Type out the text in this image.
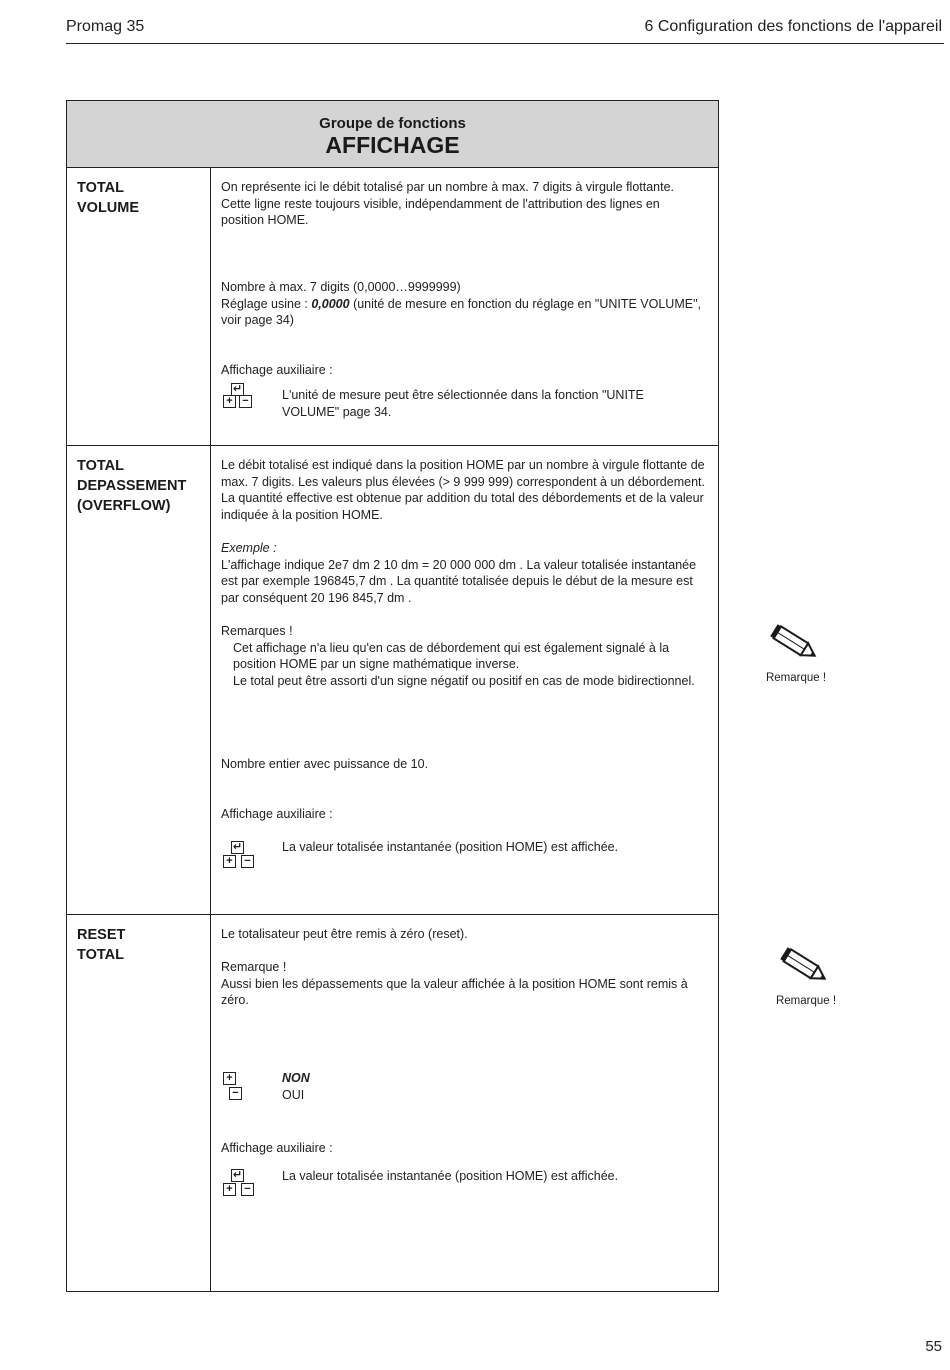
Promag 35	6 Configuration des fonctions de l'appareil
Groupe de fonctions
AFFICHAGE
TOTAL
VOLUME

On représente ici le débit totalisé par un nombre à max. 7 digits à virgule flottante. Cette ligne reste toujours visible, indépendamment de l'attribution des lignes en position HOME.

Nombre à max. 7 digits (0,0000…9999999)

Réglage usine : 0,0000 (unité de mesure en fonction du réglage en "UNITE VOLUME", voir page 34)

Affichage auxiliaire :
↵
+ −	L'unité de mesure peut être sélectionnée dans la fonction "UNITE VOLUME" page 34.
TOTAL
DEPASSEMENT
(OVERFLOW)

Le débit totalisé est indiqué dans la position HOME par un nombre à virgule flottante de max. 7 digits. Les valeurs plus élevées (> 9 999 999) correspondent à un débordement. La quantité effective est obtenue par addition du total des débordements et de la valeur indiquée à la position HOME.

Exemple :

L'affichage indique 2e7 dm 2 10 dm = 20 000 000 dm . La valeur totalisée instantanée est par exemple 196845,7 dm . La quantité totalisée depuis le début de la mesure est par conséquent 20 196 845,7 dm .

Remarques !

Cet affichage n'a lieu qu'en cas de débordement qui est également signalé à la position HOME par un signe mathématique inverse.

Le total peut être assorti d'un signe négatif ou positif en cas de mode bidirectionnel.

Nombre entier avec puissance de 10.
Affichage auxiliaire :
↵
+ −
La valeur totalisée instantanée (position HOME) est affichée.
RESET
TOTAL
Le totalisateur peut être remis à zéro (reset).

Remarque !

Aussi bien les dépassements que la valeur affichée à la position HOME sont remis à zéro.

+
−
NON
OUI
Affichage auxiliaire :
↵
+ −
La valeur totalisée instantanée (position HOME) est affichée.
Remarque !
Remarque !
55
